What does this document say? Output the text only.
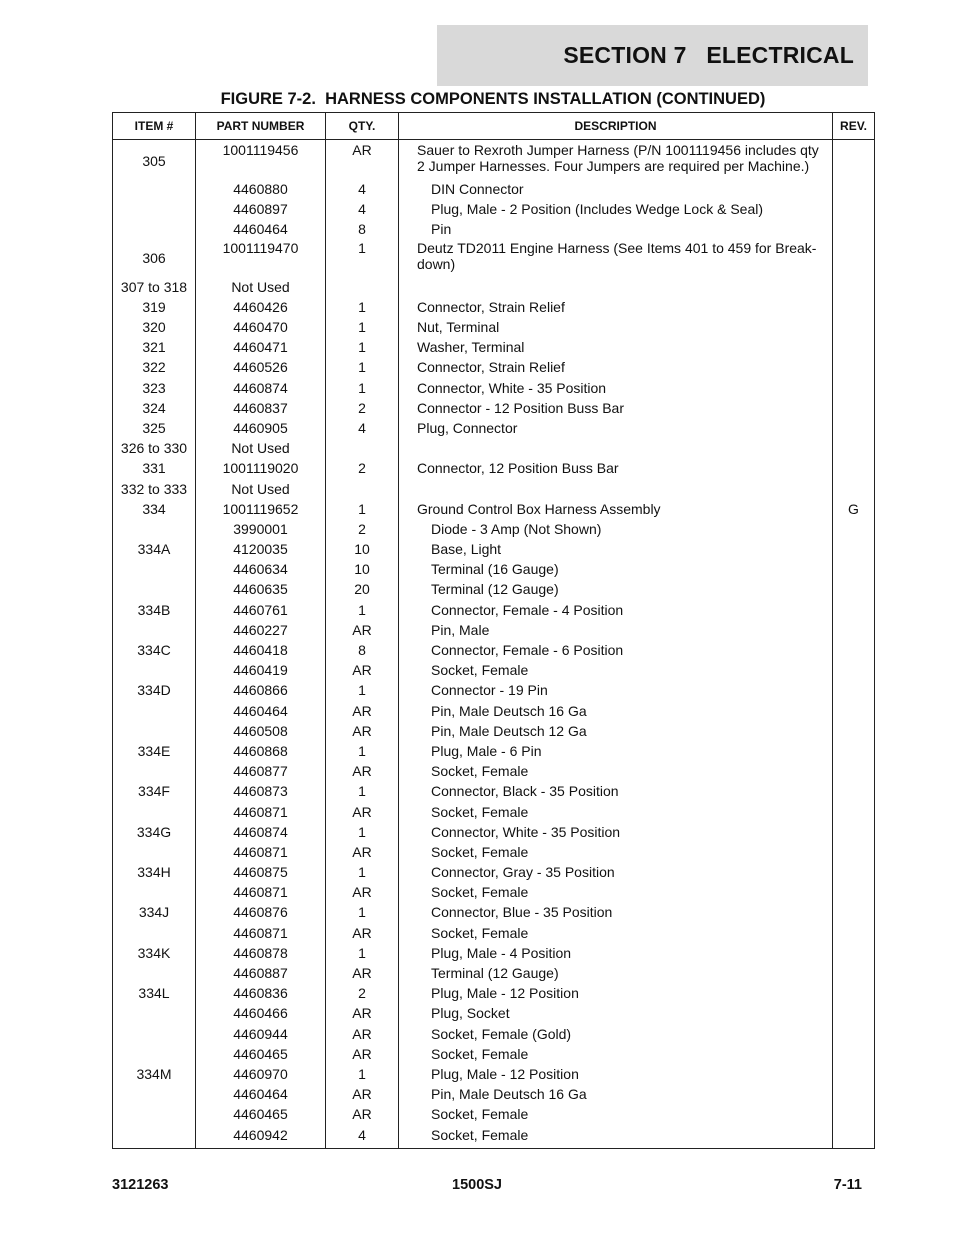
SECTION 7   ELECTRICAL
FIGURE 7-2.  HARNESS COMPONENTS INSTALLATION (CONTINUED)
ITEM #	PART NUMBER	QTY.	DESCRIPTION	REV.
305	1001119456	AR	Sauer to Rexroth Jumper Harness (P/N 1001119456 includes qty 2 Jumper Harnesses. Four Jumpers are required per Machine.)	
	4460880	4	DIN Connector	
	4460897	4	Plug, Male - 2 Position (Includes Wedge Lock & Seal)	
	4460464	8	Pin	
306	1001119470	1	Deutz TD2011 Engine Harness (See Items 401 to 459 for Break-down)	
307 to 318	Not Used			
319	4460426	1	Connector, Strain Relief	
320	4460470	1	Nut, Terminal	
321	4460471	1	Washer, Terminal	
322	4460526	1	Connector, Strain Relief	
323	4460874	1	Connector, White - 35 Position	
324	4460837	2	Connector - 12 Position Buss Bar	
325	4460905	4	Plug, Connector	
326 to 330	Not Used			
331	1001119020	2	Connector, 12 Position Buss Bar	
332 to 333	Not Used			
334	1001119652	1	Ground Control Box Harness Assembly	G
	3990001	2	Diode - 3 Amp (Not Shown)	
334A	4120035	10	Base, Light	
	4460634	10	Terminal (16 Gauge)	
	4460635	20	Terminal (12 Gauge)	
334B	4460761	1	Connector, Female - 4 Position	
	4460227	AR	Pin, Male	
334C	4460418	8	Connector, Female - 6 Position	
	4460419	AR	Socket, Female	
334D	4460866	1	Connector - 19 Pin	
	4460464	AR	Pin, Male Deutsch 16 Ga	
	4460508	AR	Pin, Male Deutsch 12 Ga	
334E	4460868	1	Plug, Male - 6 Pin	
	4460877	AR	Socket, Female	
334F	4460873	1	Connector, Black - 35 Position	
	4460871	AR	Socket, Female	
334G	4460874	1	Connector, White - 35 Position	
	4460871	AR	Socket, Female	
334H	4460875	1	Connector, Gray - 35 Position	
	4460871	AR	Socket, Female	
334J	4460876	1	Connector, Blue - 35 Position	
	4460871	AR	Socket, Female	
334K	4460878	1	Plug, Male - 4 Position	
	4460887	AR	Terminal (12 Gauge)	
334L	4460836	2	Plug, Male - 12 Position	
	4460466	AR	Plug, Socket	
	4460944	AR	Socket, Female (Gold)	
	4460465	AR	Socket, Female	
334M	4460970	1	Plug, Male - 12 Position	
	4460464	AR	Pin, Male Deutsch 16 Ga	
	4460465	AR	Socket, Female	
	4460942	4	Socket, Female	
3121263	1500SJ	7-11
